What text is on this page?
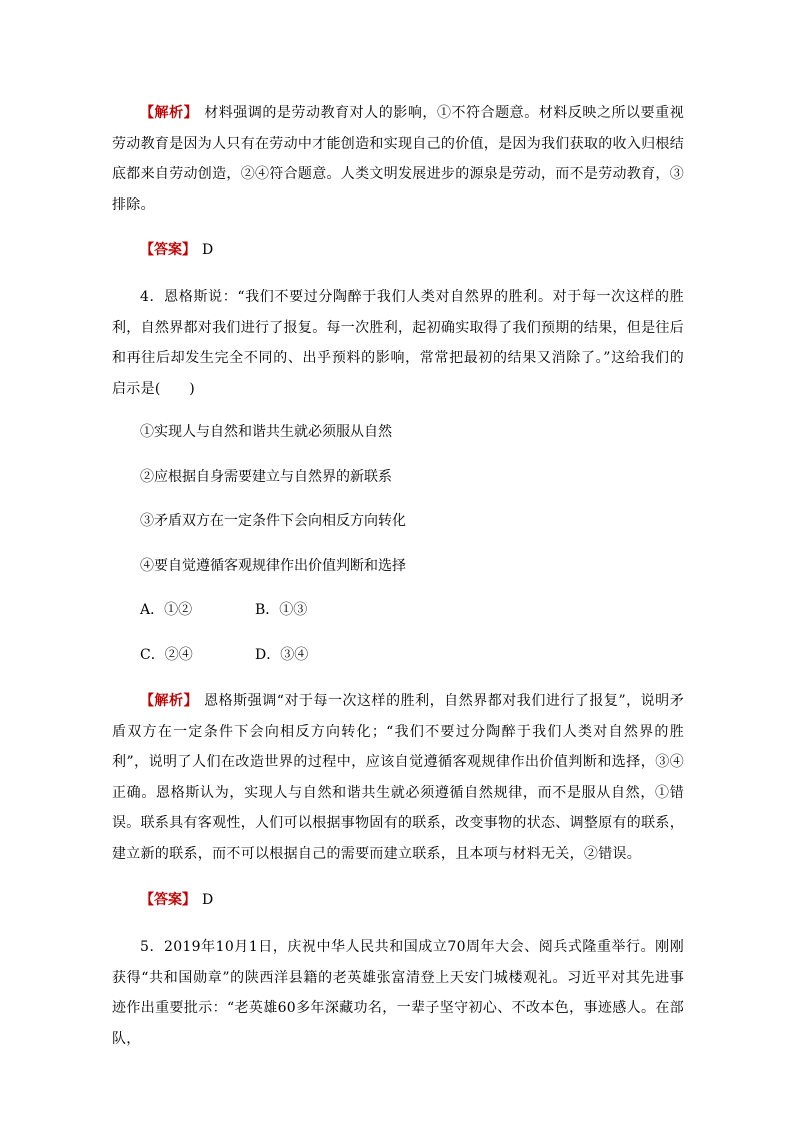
【解析】 材料强调的是劳动教育对人的影响，①不符合题意。材料反映之所以要重视劳动教育是因为人只有在劳动中才能创造和实现自己的价值，是因为我们获取的收入归根结底都来自劳动创造，②④符合题意。人类文明发展进步的源泉是劳动，而不是劳动教育，③排除。

【答案】 D

4．恩格斯说：“我们不要过分陶醉于我们人类对自然界的胜利。对于每一次这样的胜利，自然界都对我们进行了报复。每一次胜利，起初确实取得了我们预期的结果，但是往后和再往后却发生完全不同的、出乎预料的影响，常常把最初的结果又消除了。”这给我们的启示是(　　)

①实现人与自然和谐共生就必须服从自然

②应根据自身需要建立与自然界的新联系

③矛盾双方在一定条件下会向相反方向转化

④要自觉遵循客观规律作出价值判断和选择

A．①②	B．①③

C．②④	D．③④

【解析】 恩格斯强调“对于每一次这样的胜利，自然界都对我们进行了报复”，说明矛盾双方在一定条件下会向相反方向转化；“我们不要过分陶醉于我们人类对自然界的胜利”，说明了人们在改造世界的过程中，应该自觉遵循客观规律作出价值判断和选择，③④正确。恩格斯认为，实现人与自然和谐共生就必须遵循自然规律，而不是服从自然，①错误。联系具有客观性，人们可以根据事物固有的联系，改变事物的状态、调整原有的联系，建立新的联系，而不可以根据自己的需要而建立联系，且本项与材料无关，②错误。

【答案】 D

5．2019年10月1日，庆祝中华人民共和国成立70周年大会、阅兵式隆重举行。刚刚获得“共和国勋章”的陕西洋县籍的老英雄张富清登上天安门城楼观礼。习近平对其先进事迹作出重要批示：“老英雄60多年深藏功名，一辈子坚守初心、不改本色，事迹感人。在部队，
